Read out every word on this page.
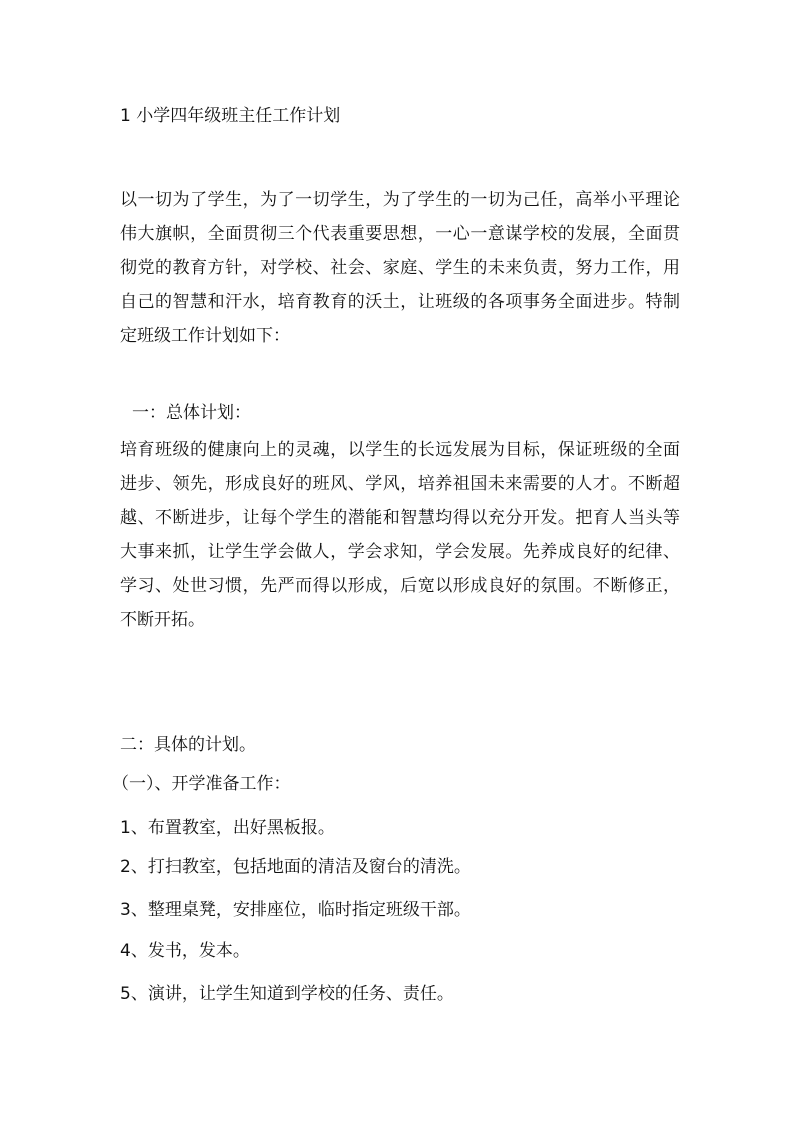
1 小学四年级班主任工作计划

以一切为了学生，为了一切学生，为了学生的一切为己任，高举小平理论伟大旗帜，全面贯彻三个代表重要思想，一心一意谋学校的发展，全面贯彻党的教育方针，对学校、社会、家庭、学生的未来负责，努力工作，用自己的智慧和汗水，培育教育的沃土，让班级的各项事务全面进步。特制定班级工作计划如下：

一：总体计划：

培育班级的健康向上的灵魂，以学生的长远发展为目标，保证班级的全面进步、领先，形成良好的班风、学风，培养祖国未来需要的人才。不断超越、不断进步，让每个学生的潜能和智慧均得以充分开发。把育人当头等大事来抓，让学生学会做人，学会求知，学会发展。先养成良好的纪律、学习、处世习惯，先严而得以形成，后宽以形成良好的氛围。不断修正，不断开拓。

二：具体的计划。
（一）、开学准备工作：
1、布置教室，出好黑板报。
2、打扫教室，包括地面的清洁及窗台的清洗。
3、整理桌凳，安排座位，临时指定班级干部。
4、发书，发本。
5、演讲，让学生知道到学校的任务、责任。
